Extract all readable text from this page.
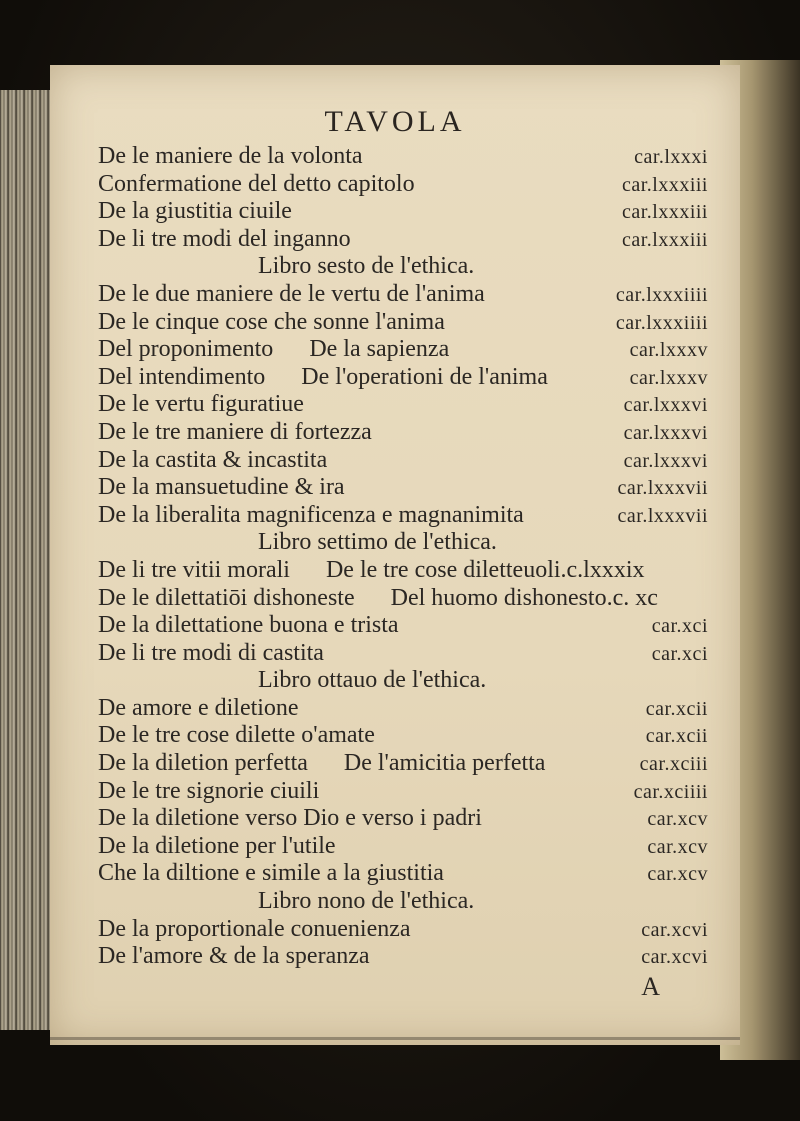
TAVOLA
De le maniere de la volonta	car.lxxxi
Confermatione del detto capitolo	car.lxxxiii
De la giustitia ciuile	car.lxxxiii
De li tre modi del inganno	car.lxxxiii
Libro sesto de l'ethica.
De le due maniere de le vertu de l'anima	car.lxxxiiii
De le cinque cose che sonne l'anima	car.lxxxiiii
Del proponimento De la sapienza	car.lxxxv
Del intendimento De l'operationi de l'anima	car.lxxxv
De le vertu figuratiue	car.lxxxvi
De le tre maniere di fortezza	car.lxxxvi
De la castita & incastita	car.lxxxvi
De la mansuetudine & ira	car.lxxxvii
De la liberalita magnificenza e magnanimita	car.lxxxvii
Libro settimo de l'ethica.
De li tre vitii morali De le tre cose diletteuoli.c.lxxxix
De le dilettatiōi dishoneste Del huomo dishonesto.c. xc
De la dilettatione buona e trista	car.xci
De li tre modi di castita	car.xci
Libro ottauo de l'ethica.
De amore e diletione	car.xcii
De le tre cose dilette o'amate	car.xcii
De la diletion perfetta De l'amicitia perfetta	car.xciii
De le tre signorie ciuili	car.xciiii
De la diletione verso Dio e verso i padri	car.xcv
De la diletione per l'utile	car.xcv
Che la diltione e simile a la giustitia	car.xcv
Libro nono de l'ethica.
De la proportionale conuenienza	car.xcvi
De l'amore & de la speranza	car.xcvi
A
